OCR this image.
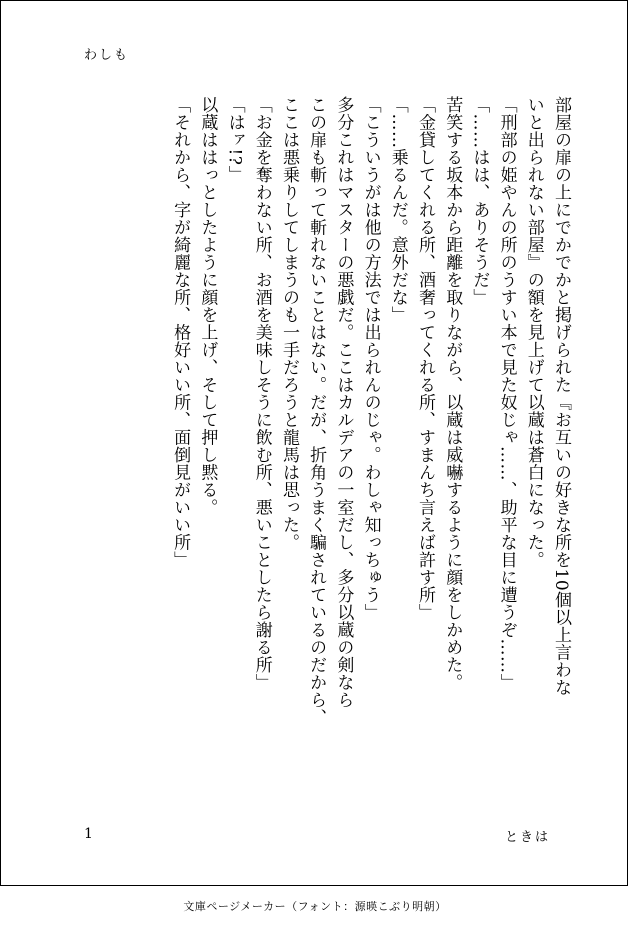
わしも
部屋の扉の上にでかでかと掲げられた『お互いの好きな所を10個以上言わな
いと出られない部屋』の額を見上げて以蔵は蒼白になった。
「刑部の姫やんの所のうすい本で見た奴じゃ……、助平な目に遭うぞ……」
「……はは、ありそうだ」
苦笑する坂本から距離を取りながら、以蔵は威嚇するように顔をしかめた。
「金貸してくれる所、酒奢ってくれる所、すまんち言えば許す所」
「……乗るんだ。意外だな」
「こういうがは他の方法では出られんのじゃ。わしゃ知っちゅう」
多分これはマスターの悪戯だ。ここはカルデアの一室だし、多分以蔵の剣なら
この扉も斬って斬れないことはない。だが、折角うまく騙されているのだから、
ここは悪乗りしてしまうのも一手だろうと龍馬は思った。
「お金を奪わない所、お酒を美味しそうに飲む所、悪いことしたら謝る所」
「はァ!?」
以蔵ははっとしたように顔を上げ、そして押し黙る。
「それから、字が綺麗な所、格好いい所、面倒見がいい所」
1	ときは
文庫ページメーカー（フォント：源暎こぶり明朝）
